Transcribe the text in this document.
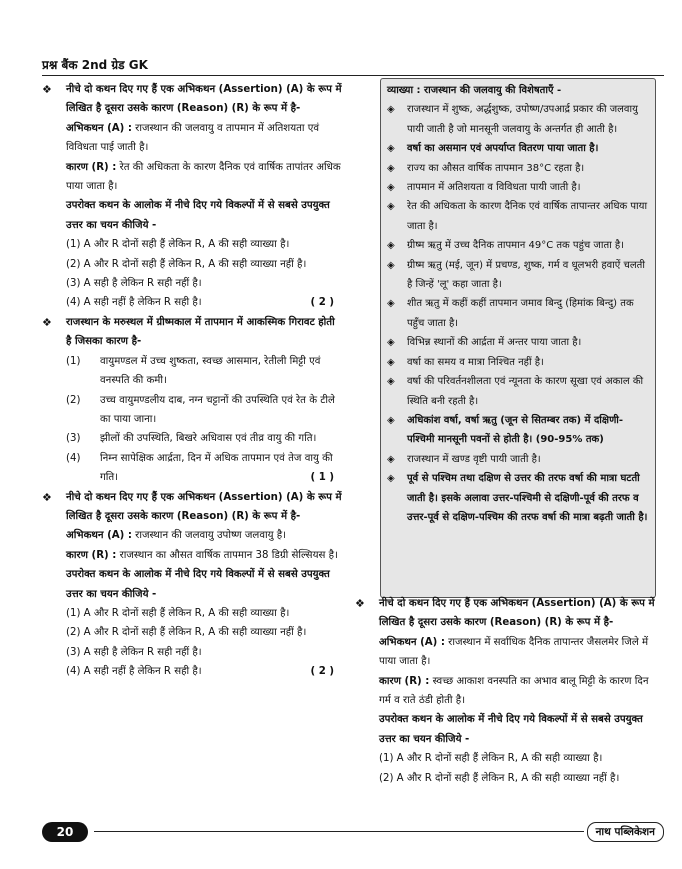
प्रश्न बैंक 2nd ग्रेड GK
❖ नीचे दो कथन दिए गए हैं एक अभिकथन (Assertion) (A) के रूप में लिखित है दूसरा उसके कारण (Reason) (R) के रूप में है-
अभिकथन (A) : राजस्थान की जलवायु व तापमान में अतिशयता एवं विविधता पाई जाती है।
कारण (R) : रेत की अधिकता के कारण दैनिक एवं वार्षिक तापांतर अधिक पाया जाता है।
उपरोक्त कथन के आलोक में नीचे दिए गये विकल्पों में से सबसे उपयुक्त उत्तर का चयन कीजिये -
(1) A और R दोनों सही हैं लेकिन R, A की सही व्याख्या है।
(2) A और R दोनों सही हैं लेकिन R, A की सही व्याख्या नहीं है।
(3) A सही है लेकिन R सही नहीं है।
(4) A सही नहीं है लेकिन R सही है।	( 2 )
❖ राजस्थान के मरुस्थल में ग्रीष्मकाल में तापमान में आकस्मिक गिरावट होती है जिसका कारण है-
(1)	वायुमण्डल में उच्च शुष्कता, स्वच्छ आसमान, रेतीली मिट्टी एवं वनस्पति की कमी।
(2)	उच्च वायुमण्डलीय दाब, नग्न चट्टानों की उपस्थिति एवं रेत के टीले का पाया जाना।
(3)	झीलों की उपस्थिति, बिखरे अधिवास एवं तीव्र वायु की गति।
(4)	निम्न सापेक्षिक आर्द्रता, दिन में अधिक तापमान एवं तेज वायु की गति।	( 1 )
❖ नीचे दो कथन दिए गए हैं एक अभिकथन (Assertion) (A) के रूप में लिखित है दूसरा उसके कारण (Reason) (R) के रूप में है-
अभिकथन (A) : राजस्थान की जलवायु उपोष्ण जलवायु है।
कारण (R) : राजस्थान का औसत वार्षिक तापमान 38 डिग्री सेल्सियस है।
उपरोक्त कथन के आलोक में नीचे दिए गये विकल्पों में से सबसे उपयुक्त उत्तर का चयन कीजिये -
(1) A और R दोनों सही हैं लेकिन R, A की सही व्याख्या है।
(2) A और R दोनों सही हैं लेकिन R, A की सही व्याख्या नहीं है।
(3) A सही है लेकिन R सही नहीं है।
(4) A सही नहीं है लेकिन R सही है।	( 2 )
व्याख्या : राजस्थान की जलवायु की विशेषताएँ -
◈ राजस्थान में शुष्क, अर्द्धशुष्क, उपोष्ण/उपआर्द्र प्रकार की जलवायु पायी जाती है जो मानसूनी जलवायु के अन्तर्गत ही आती है।
◈ वर्षा का असमान एवं अपर्याप्त वितरण पाया जाता है।
◈ राज्य का औसत वार्षिक तापमान 38°C रहता है।
◈ तापमान में अतिशयता व विविधता पायी जाती है।
◈ रेत की अधिकता के कारण दैनिक एवं वार्षिक तापान्तर अधिक पाया जाता है।
◈ ग्रीष्म ऋतु में उच्च दैनिक तापमान 49°C तक पहुंच जाता है।
◈ ग्रीष्म ऋतु (मई, जून) में प्रचण्ड, शुष्क, गर्म व धूलभरी हवाऐं चलती है जिन्हें 'लू' कहा जाता है।
◈ शीत ऋतु में कहीं कहीं तापमान जमाव बिन्दु (हिमांक बिन्दु) तक पहुँच जाता है।
◈ विभिन्न स्थानों की आर्द्रता में अन्तर पाया जाता है।
◈ वर्षा का समय व मात्रा निश्चित नहीं है।
◈ वर्षा की परिवर्तनशीलता एवं न्यूनता के कारण सूखा एवं अकाल की स्थिति बनी रहती है।
◈ अधिकांश वर्षा, वर्षा ऋतु (जून से सितम्बर तक) में दक्षिणी-पश्चिमी मानसूनी पवनों से होती है। (90-95% तक)
◈ राजस्थान में खण्ड वृष्टी पायी जाती है।
◈ पूर्व से पश्चिम तथा दक्षिण से उत्तर की तरफ वर्षा की मात्रा घटती जाती है। इसके अलावा उत्तर-पश्चिमी से दक्षिणी-पूर्व की तरफ व उत्तर-पूर्व से दक्षिण-पश्चिम की तरफ वर्षा की मात्रा बढ़ती जाती है।
❖ नीचे दो कथन दिए गए हैं एक अभिकथन (Assertion) (A) के रूप में लिखित है दूसरा उसके कारण (Reason) (R) के रूप में है-
अभिकथन (A) : राजस्थान में सर्वाधिक दैनिक तापान्तर जैसलमेर जिले में पाया जाता है।
कारण (R) : स्वच्छ आकाश वनस्पति का अभाव बालू मिट्टी के कारण दिन गर्म व राते ठंडी होती है।
उपरोक्त कथन के आलोक में नीचे दिए गये विकल्पों में से सबसे उपयुक्त उत्तर का चयन कीजिये -
(1) A और R दोनों सही हैं लेकिन R, A की सही व्याख्या है।
(2) A और R दोनों सही हैं लेकिन R, A की सही व्याख्या नहीं है।
20	नाथ पब्लिकेशन
